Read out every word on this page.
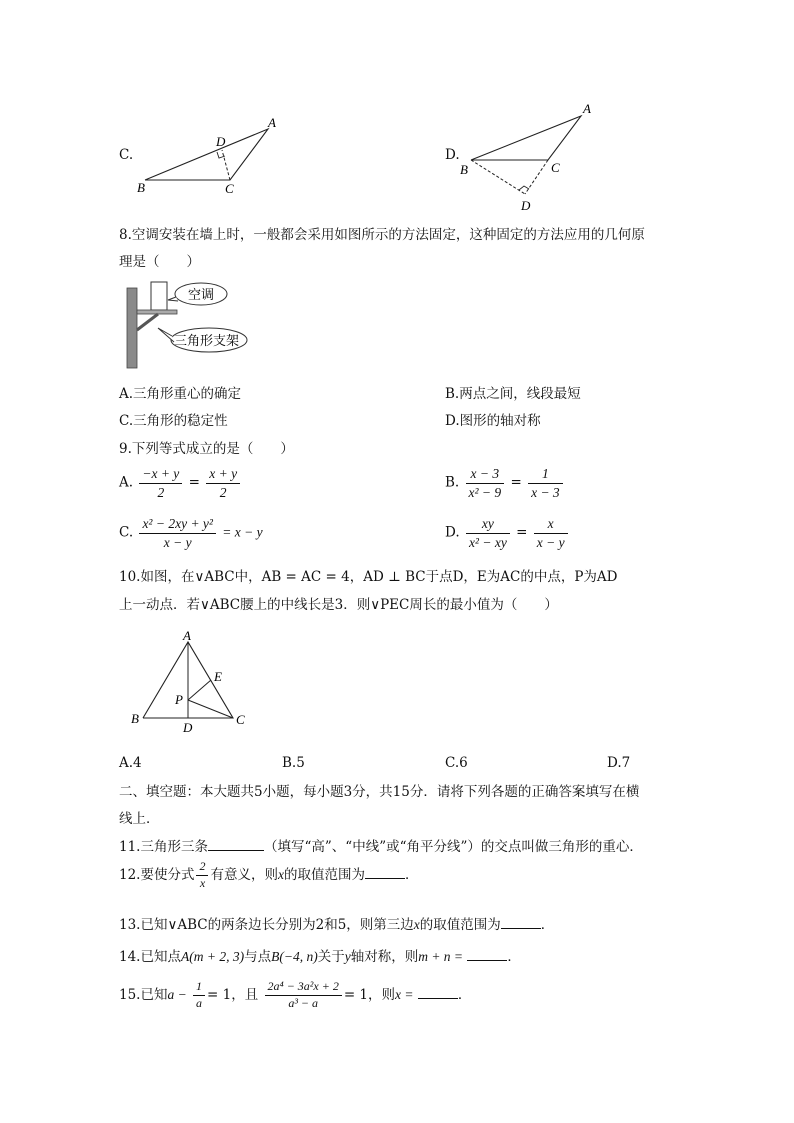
C.
B	C
A
D
D.
A
B	C
D
8.空调安装在墙上时，一般都会采用如图所示的方法固定，这种固定的方法应用的几何原
理是（　　）
空调
三角形支架
A.三角形重心的确定	B.两点之间，线段最短
C.三角形的稳定性	D.图形的轴对称
9.下列等式成立的是（　　）
A. $\frac{-x + y}{2} = \frac{x + y}{2}$	B. $\frac{x - 3}{\text{x² − 9}} = \frac{1}{x - 3}$
C. $\frac{\text{x² − 2xy + y²}}{x - y} = x - y$	D. $\frac{xy}{\text{x² − xy}} = \frac{x}{x - y}$
10.如图，在∨ABC中，AB = AC = 4，AD ⊥ BC于点D，E为AC的中点，P为AD
上一动点．若∨ABC腰上的中线长是3．则∨PEC周长的最小值为（　　）
A
B	C
D
E
P
A.4	B.5	C.6	D.7
二、填空题：本大题共5小题，每小题3分，共15分．请将下列各题的正确答案填写在横
线上．
11.三角形三条	（填写“高”、“中线”或“角平分线”）的交点叫做三角形的重心．
12.要使分式 $\frac{2}{x}$ 有意义，则x的取值范围为	．
13.已知∨ABC的两条边长分别为2和5，则第三边x的取值范围为	．
14.已知点A(m + 2, 3)与点B(−4, n)关于y轴对称，则m + n =	．
15.已知$a - \frac{1}{a} = 1$，且 $\frac{\text{2a⁴ − 3a²x + 2}}{\text{a³ − a}} = 1$，则x =	．
